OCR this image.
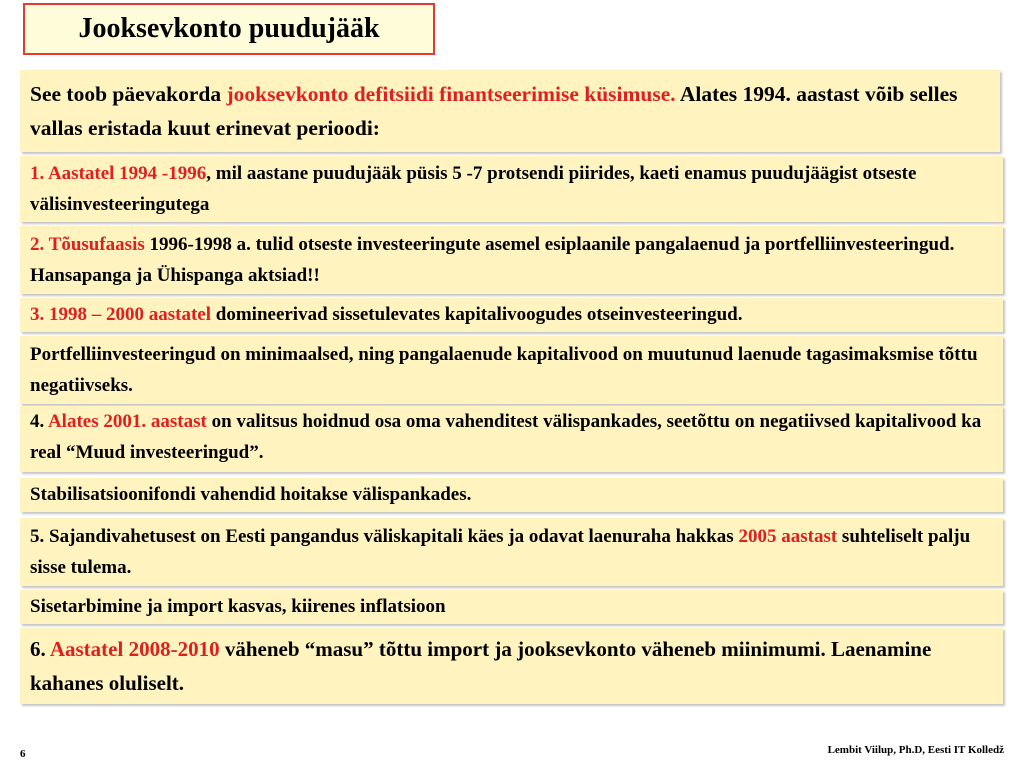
Jooksevkonto puudujääk
See toob päevakorda jooksevkonto defitsiidi finantseerimise küsimuse. Alates 1994. aastast võib selles vallas eristada kuut erinevat perioodi:
1. Aastatel 1994 -1996, mil aastane puudujääk püsis 5 -7 protsendi piirides, kaeti enamus puudujäägist otseste välisinvesteeringutega
2. Tõusufaasis 1996-1998 a. tulid otseste investeeringute asemel esiplaanile pangalaenud ja portfelliinvesteeringud. Hansapanga ja Ühispanga aktsiad!!
3. 1998 – 2000 aastatel domineerivad sissetulevates kapitalivoogudes otseinvesteeringud.
Portfelliinvesteeringud on minimaalsed, ning pangalaenude kapitalivood on muutunud laenude tagasimaksmise tõttu negatiivseks.
4. Alates 2001. aastast on valitsus hoidnud osa oma vahenditest välispankades, seetõttu on negatiivsed kapitalivood ka real “Muud investeeringud”.
Stabilisatsioonifondi vahendid hoitakse välispankades.
5. Sajandivahetusest on Eesti pangandus väliskapitali käes ja odavat laenuraha hakkas 2005 aastast suhteliselt palju sisse tulema.
Sisetarbimine ja import kasvas, kiirenes inflatsioon
6. Aastatel 2008-2010 väheneb “masu” tõttu import ja jooksevkonto väheneb miinimumi. Laenamine kahanes oluliselt.
6	Lembit Viilup, Ph.D, Eesti IT Kolledž
